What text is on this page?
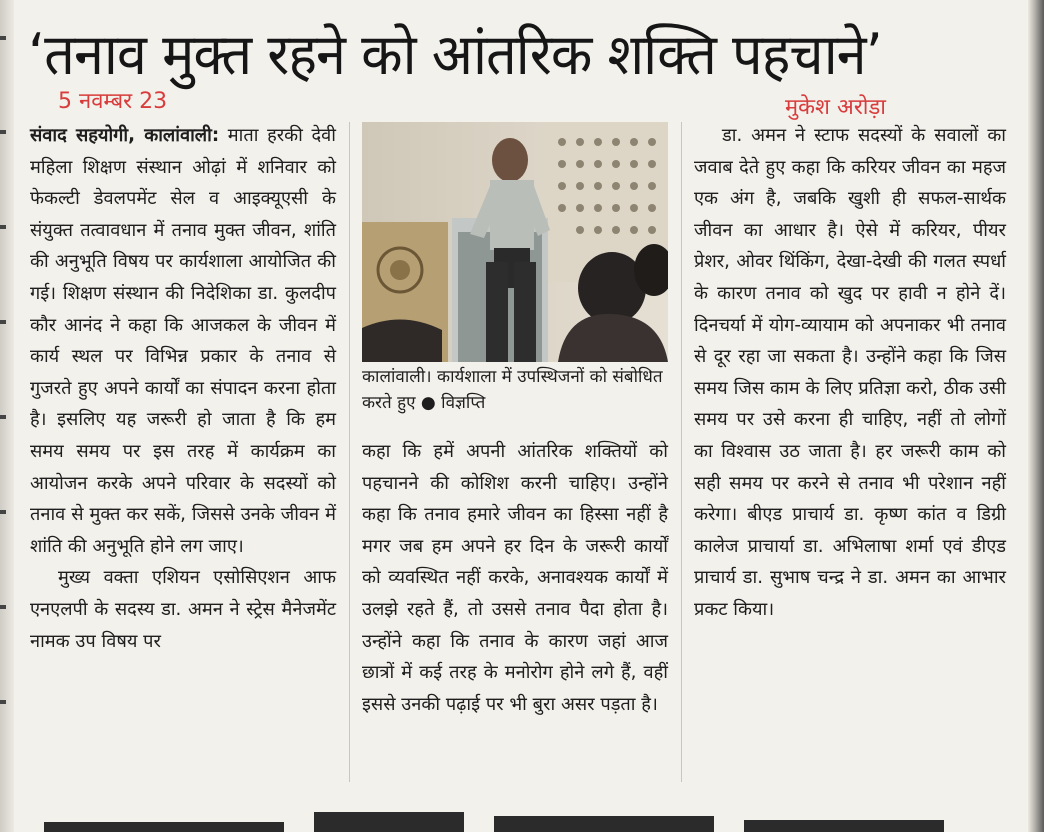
‘तनाव मुक्त रहने को आंतरिक शक्ति पहचाने’
5 नवम्बर 23	मुकेश अरोड़ा

संवाद सहयोगी, कालांवाली: माता हरकी देवी महिला शिक्षण संस्थान ओढ़ां में शनिवार को फेकल्टी डेवलपमेंट सेल व आइक्यूएसी के संयुक्त तत्वावधान में तनाव मुक्त जीवन, शांति की अनुभूति विषय पर कार्यशाला आयोजित की गई। शिक्षण संस्थान की निदेशिका डा. कुलदीप कौर आनंद ने कहा कि आजकल के जीवन में कार्य स्थल पर विभिन्न प्रकार के तनाव से गुजरते हुए अपने कार्यों का संपादन करना होता है। इसलिए यह जरूरी हो जाता है कि हम समय समय पर इस तरह में कार्यक्रम का आयोजन करके अपने परिवार के सदस्यों को तनाव से मुक्त कर सकें, जिससे उनके जीवन में शांति की अनुभूति होने लग जाए।

मुख्य वक्ता एशियन एसोसिएशन आफ एनएलपी के सदस्य डा. अमन ने स्ट्रेस मैनेजमेंट नामक उप विषय पर

कालांवाली। कार्यशाला में उपस्थिजनों को संबोधित करते हुए ● विज्ञप्ति

कहा कि हमें अपनी आंतरिक शक्तियों को पहचानने की कोशिश करनी चाहिए। उन्होंने कहा कि तनाव हमारे जीवन का हिस्सा नहीं है मगर जब हम अपने हर दिन के जरूरी कार्यों को व्यवस्थित नहीं करके, अनावश्यक कार्यों में उलझे रहते हैं, तो उससे तनाव पैदा होता है। उन्होंने कहा कि तनाव के कारण जहां आज छात्रों में कई तरह के मनोरोग होने लगे हैं, वहीं इससे उनकी पढ़ाई पर भी बुरा असर पड़ता है।

डा. अमन ने स्टाफ सदस्यों के सवालों का जवाब देते हुए कहा कि करियर जीवन का महज एक अंग है, जबकि खुशी ही सफल-सार्थक जीवन का आधार है। ऐसे में करियर, पीयर प्रेशर, ओवर थिंकिंग, देखा-देखी की गलत स्पर्धा के कारण तनाव को खुद पर हावी न होने दें। दिनचर्या में योग-व्यायाम को अपनाकर भी तनाव से दूर रहा जा सकता है। उन्होंने कहा कि जिस समय जिस काम के लिए प्रतिज्ञा करो, ठीक उसी समय पर उसे करना ही चाहिए, नहीं तो लोगों का विश्वास उठ जाता है। हर जरूरी काम को सही समय पर करने से तनाव भी परेशान नहीं करेगा। बीएड प्राचार्य डा. कृष्ण कांत व डिग्री कालेज प्राचार्या डा. अभिलाषा शर्मा एवं डीएड प्राचार्य डा. सुभाष चन्द्र ने डा. अमन का आभार प्रकट किया।
